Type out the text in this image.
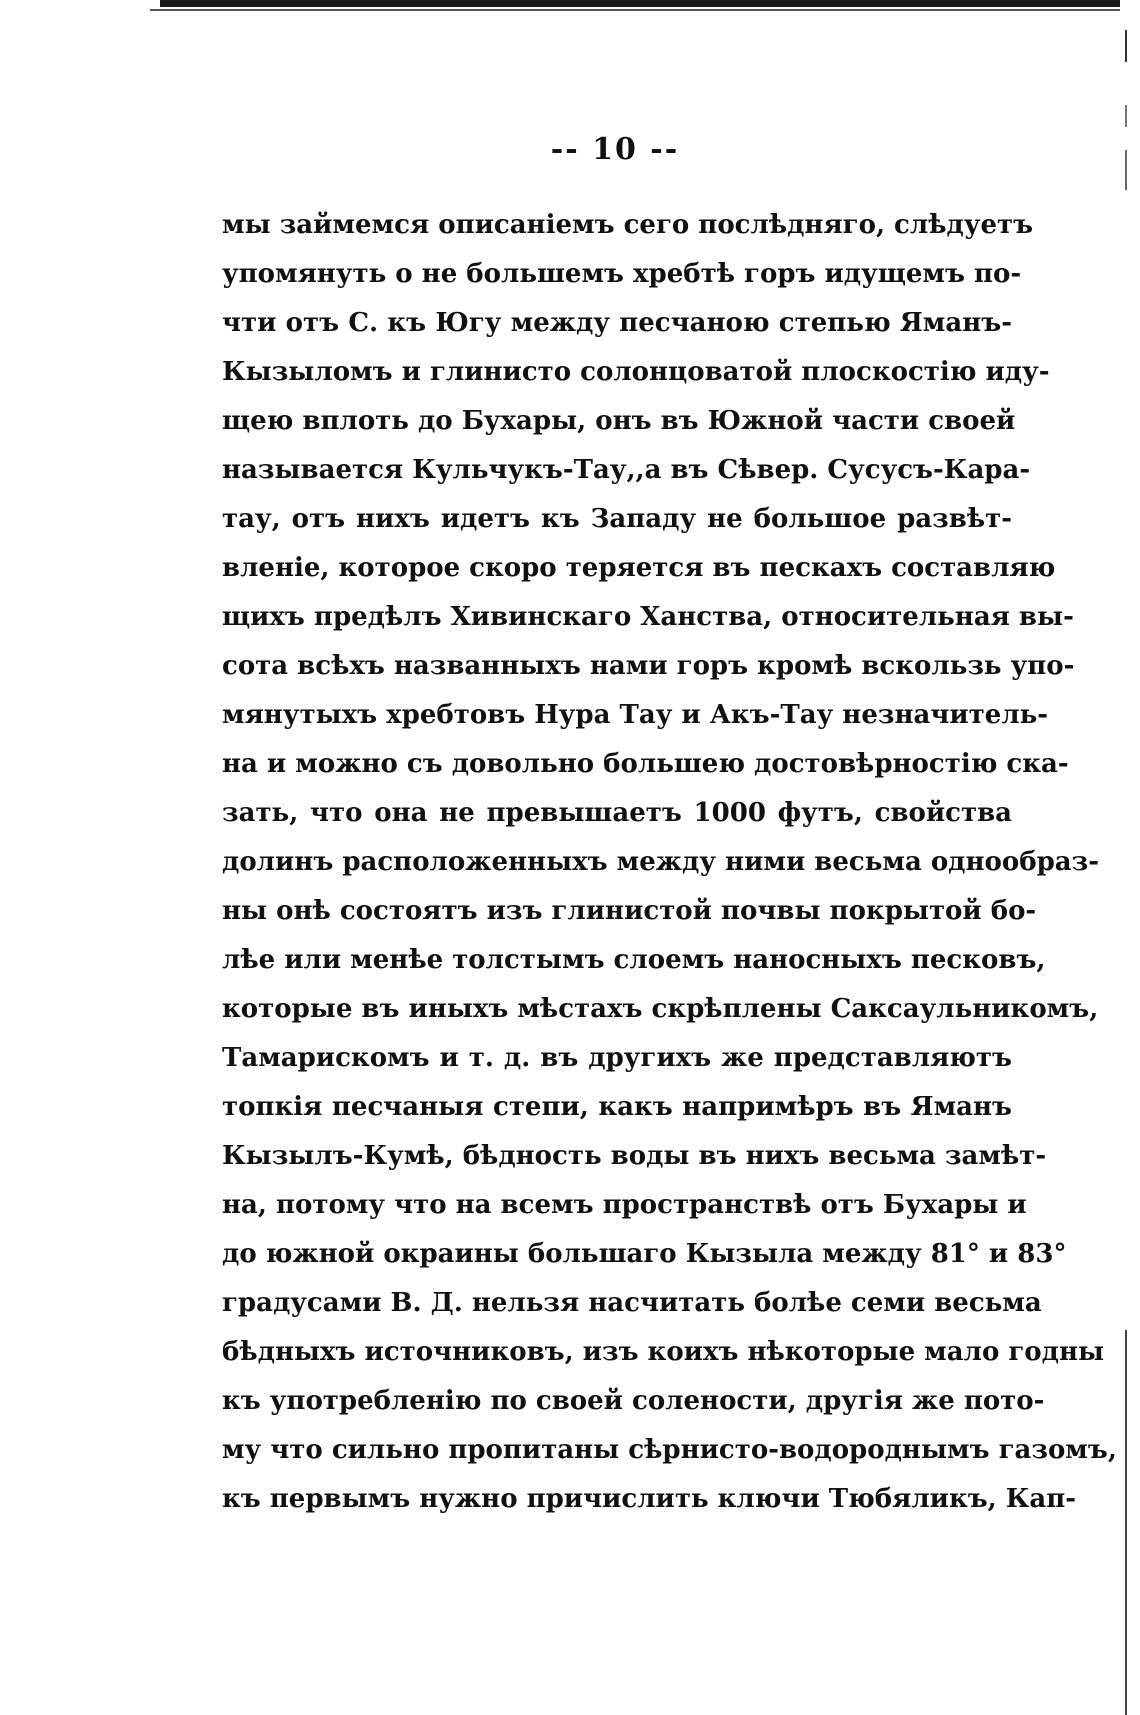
-- 10 --
мы займемся описаніемъ сего послѣдняго, слѣдуетъ
упомянуть о не большемъ хребтѣ горъ идущемъ по-
чти отъ С. къ Югу между песчаною степью Яманъ-
Кызыломъ и глинисто солонцоватой плоскостію иду-
щею вплоть до Бухары, онъ въ Южной части своей
называется Кульчукъ-Тау,,а въ Сѣвер. Сусусъ-Кара-
тау, отъ нихъ идетъ къ Западу не большое развѣт-
вленіе, которое скоро теряется въ пескахъ составляю
щихъ предѣлъ Хивинскаго Ханства, относительная вы-
сота всѣхъ названныхъ нами горъ кромѣ вскользь упо-
мянутыхъ хребтовъ Нура Тау и Акъ-Тау незначитель-
на и можно съ довольно большею достовѣрностію ска-
зать, что она не превышаетъ 1000 футъ, свойства
долинъ расположенныхъ между ними весьма однообраз-
ны онѣ состоятъ изъ глинистой почвы покрытой бо-
лѣе или менѣе толстымъ слоемъ наносныхъ песковъ,
которые въ иныхъ мѣстахъ скрѣплены Саксаульникомъ,
Тамарискомъ и т. д. въ другихъ же представляютъ
топкія песчаныя степи, какъ напримѣръ въ Яманъ
Кызылъ-Кумѣ, бѣдность воды въ нихъ весьма замѣт-
на, потому что на всемъ пространствѣ отъ Бухары и
до южной окраины большаго Кызыла между 81° и 83°
градусами В. Д. нельзя насчитать болѣе семи весьма
бѣдныхъ источниковъ, изъ коихъ нѣкоторые мало годны
къ употребленію по своей солености, другія же пото-
му что сильно пропитаны сѣрнисто-водороднымъ газомъ,
къ первымъ нужно причислить ключи Тюбяликъ, Кап-
